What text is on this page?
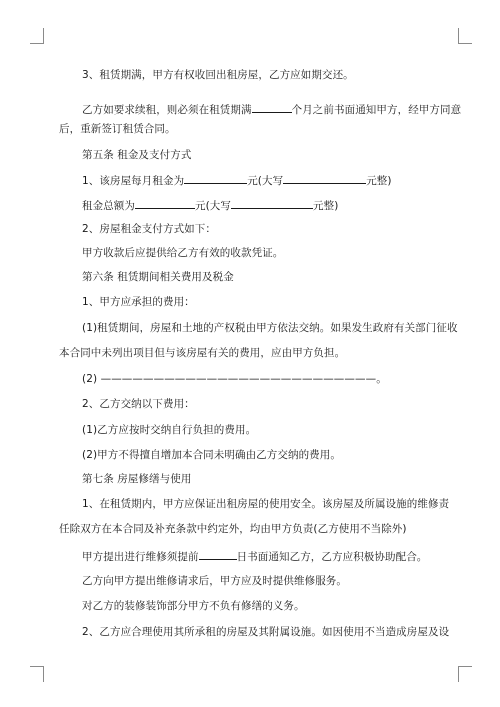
3、租赁期满，甲方有权收回出租房屋，乙方应如期交还。
乙方如要求续租，则必须在租赁期满	个月之前书面通知甲方，经甲方同意
后，重新签订租赁合同。
第五条 租金及支付方式
1、该房屋每月租金为	元(大写	元整)
租金总额为	元(大写	元整)
2、房屋租金支付方式如下：
甲方收款后应提供给乙方有效的收款凭证。
第六条 租赁期间相关费用及税金
1、甲方应承担的费用：
(1)租赁期间，房屋和土地的产权税由甲方依法交纳。如果发生政府有关部门征收
本合同中未列出项目但与该房屋有关的费用，应由甲方负担。
(2) ——————————————————————————。
2、乙方交纳以下费用：
(1)乙方应按时交纳自行负担的费用。
(2)甲方不得擅自增加本合同未明确由乙方交纳的费用。
第七条 房屋修缮与使用
1、在租赁期内，甲方应保证出租房屋的使用安全。该房屋及所属设施的维修责
任除双方在本合同及补充条款中约定外，均由甲方负责(乙方使用不当除外)
甲方提出进行维修须提前	日书面通知乙方，乙方应积极协助配合。
乙方向甲方提出维修请求后，甲方应及时提供维修服务。
对乙方的装修装饰部分甲方不负有修缮的义务。
2、乙方应合理使用其所承租的房屋及其附属设施。如因使用不当造成房屋及设
